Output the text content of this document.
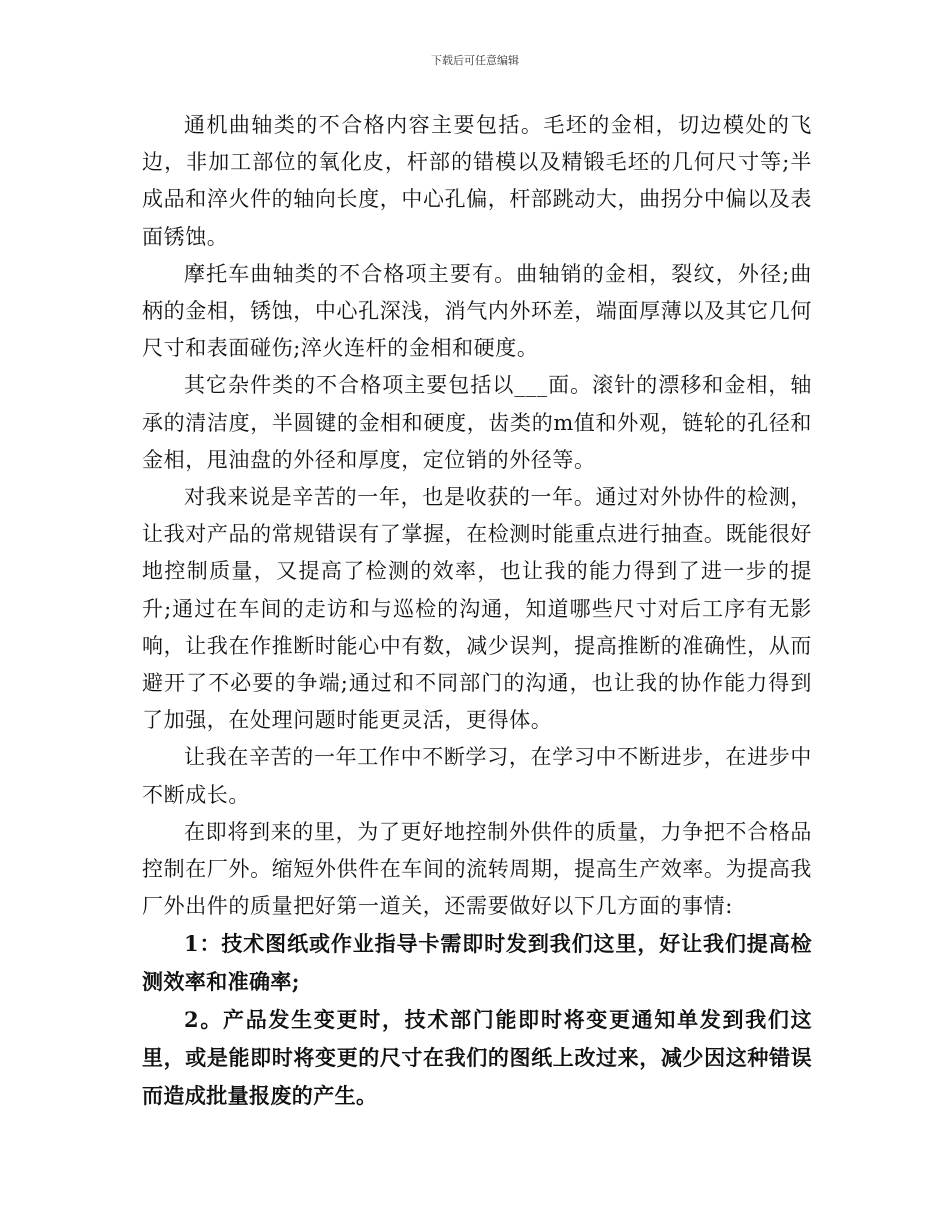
下载后可任意编辑

通机曲轴类的不合格内容主要包括。毛坯的金相，切边模处的飞边，非加工部位的氧化皮，杆部的错模以及精锻毛坯的几何尺寸等;半成品和淬火件的轴向长度，中心孔偏，杆部跳动大，曲拐分中偏以及表面锈蚀。

摩托车曲轴类的不合格项主要有。曲轴销的金相，裂纹，外径;曲柄的金相，锈蚀，中心孔深浅，消气内外环差，端面厚薄以及其它几何尺寸和表面碰伤;淬火连杆的金相和硬度。

其它杂件类的不合格项主要包括以___面。滚针的漂移和金相，轴承的清洁度，半圆键的金相和硬度，齿类的m值和外观，链轮的孔径和金相，甩油盘的外径和厚度，定位销的外径等。

对我来说是辛苦的一年，也是收获的一年。通过对外协件的检测，让我对产品的常规错误有了掌握，在检测时能重点进行抽查。既能很好地控制质量，又提高了检测的效率，也让我的能力得到了进一步的提升;通过在车间的走访和与巡检的沟通，知道哪些尺寸对后工序有无影响，让我在作推断时能心中有数，减少误判，提高推断的准确性，从而避开了不必要的争端;通过和不同部门的沟通，也让我的协作能力得到了加强，在处理问题时能更灵活，更得体。

让我在辛苦的一年工作中不断学习，在学习中不断进步，在进步中不断成长。

在即将到来的里，为了更好地控制外供件的质量，力争把不合格品控制在厂外。缩短外供件在车间的流转周期，提高生产效率。为提高我厂外出件的质量把好第一道关，还需要做好以下几方面的事情:

1：技术图纸或作业指导卡需即时发到我们这里，好让我们提高检测效率和准确率;

2。产品发生变更时，技术部门能即时将变更通知单发到我们这里，或是能即时将变更的尺寸在我们的图纸上改过来，减少因这种错误而造成批量报废的产生。
